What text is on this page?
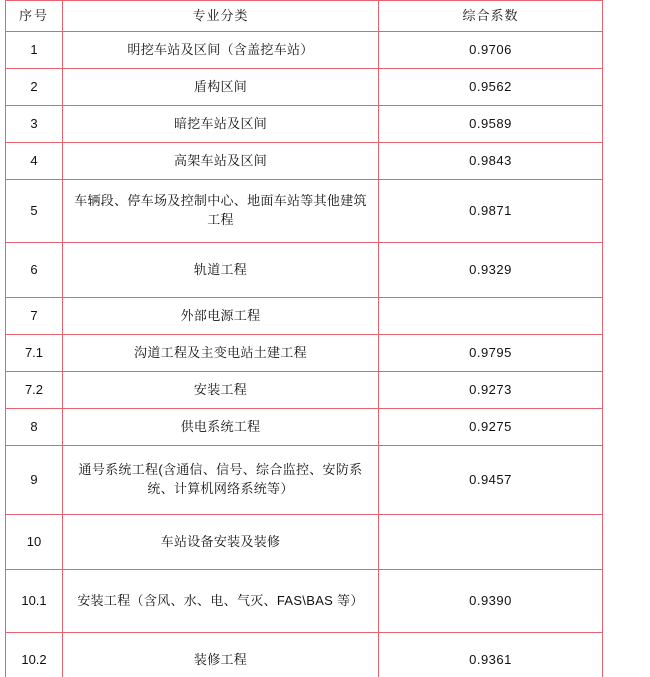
序号	专业分类	综合系数
1	明挖车站及区间（含盖挖车站）	0.9706
2	盾构区间	0.9562
3	暗挖车站及区间	0.9589
4	高架车站及区间	0.9843
5	车辆段、停车场及控制中心、地面车站等其他建筑工程	0.9871
6	轨道工程	0.9329
7	外部电源工程	
7.1	沟道工程及主变电站土建工程	0.9795
7.2	安装工程	0.9273
8	供电系统工程	0.9275
9	通号系统工程(含通信、信号、综合监控、安防系统、计算机网络系统等）	0.9457
10	车站设备安装及装修	
10.1	安装工程（含风、水、电、气灭、FAS\BAS 等）	0.9390
10.2	装修工程	0.9361
